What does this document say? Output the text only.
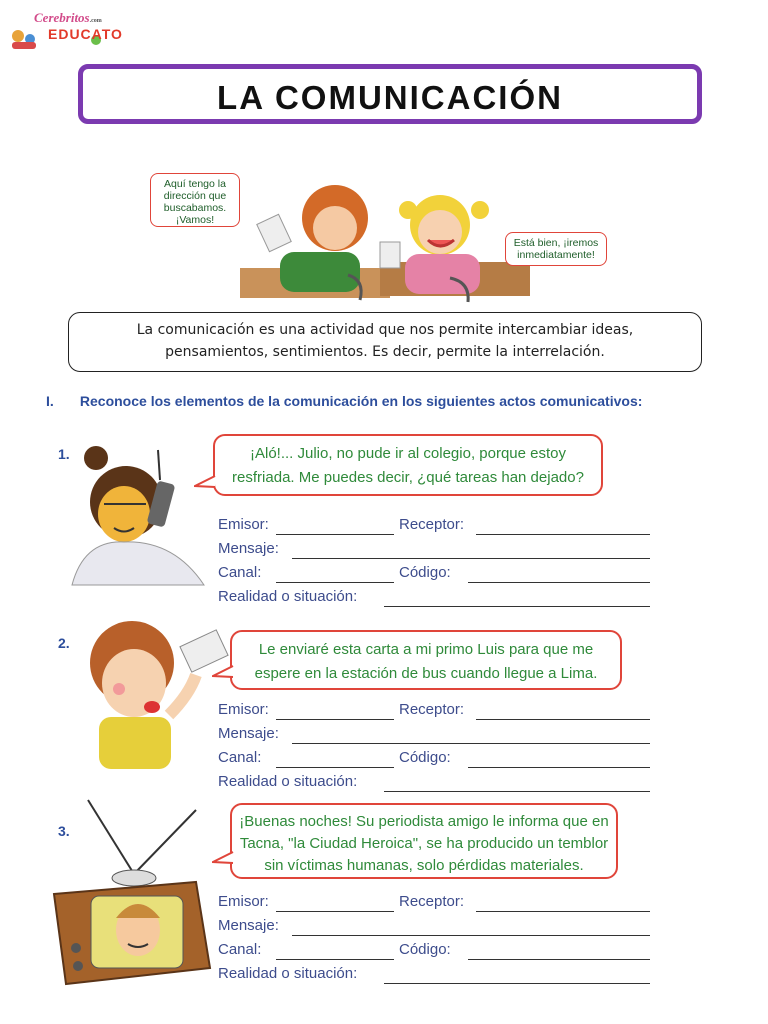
Cerebritos.com
EDUCATO
LA COMUNICACIÓN
Aquí tengo la dirección que buscabamos. ¡Vamos!
Está bien, ¡iremos inmediatamente!
La comunicación es una actividad que nos permite intercambiar ideas,
pensamientos, sentimientos. Es decir, permite la interrelación.
I. Reconoce los elementos de la comunicación en los siguientes actos comunicativos:
1.	¡Aló!... Julio, no pude ir al colegio, porque estoy
resfriada. Me puedes decir, ¿qué tareas han dejado?
Emisor:	Receptor:
Mensaje:
Canal:	Código:
Realidad o situación:
2.	Le enviaré esta carta a mi primo Luis para que me
espere en la estación de bus cuando llegue a Lima.
Emisor:	Receptor:
Mensaje:
Canal:	Código:
Realidad o situación:
3.
¡Buenas noches! Su periodista amigo le informa que en
Tacna, "la Ciudad Heroica", se ha producido un temblor
sin víctimas humanas, solo pérdidas materiales.
Emisor:	Receptor:
Mensaje:
Canal:	Código:
Realidad o situación:
